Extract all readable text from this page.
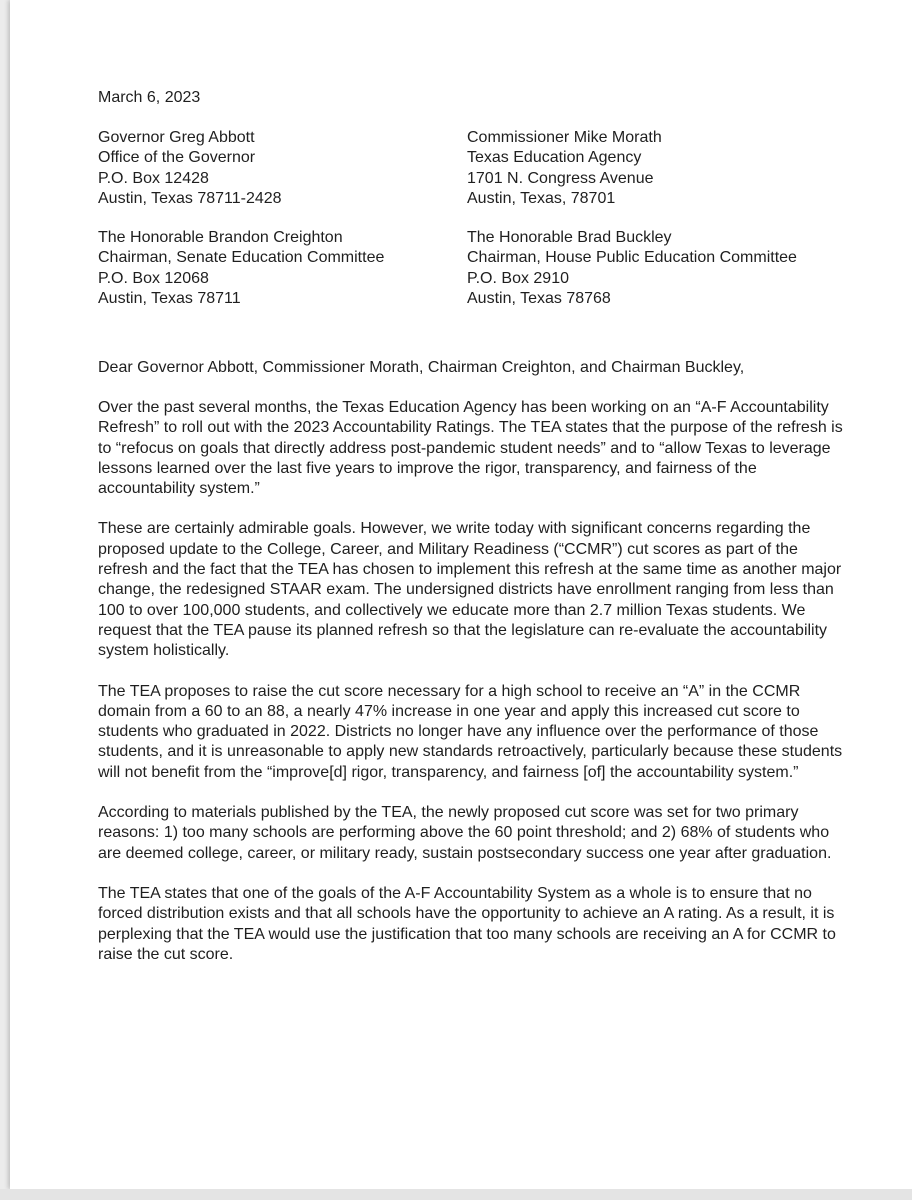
March 6, 2023
Governor Greg Abbott
Office of the Governor
P.O. Box 12428
Austin, Texas 78711-2428
Commissioner Mike Morath
Texas Education Agency
1701 N. Congress Avenue
Austin, Texas, 78701
The Honorable Brandon Creighton
Chairman, Senate Education Committee
P.O. Box 12068
Austin, Texas 78711
The Honorable Brad Buckley
Chairman, House Public Education Committee
P.O. Box 2910
Austin, Texas 78768
Dear Governor Abbott, Commissioner Morath, Chairman Creighton, and Chairman Buckley,

Over the past several months, the Texas Education Agency has been working on an “A-F Accountability Refresh” to roll out with the 2023 Accountability Ratings. The TEA states that the purpose of the refresh is to “refocus on goals that directly address post-pandemic student needs” and to “allow Texas to leverage lessons learned over the last five years to improve the rigor, transparency, and fairness of the accountability system.”

These are certainly admirable goals. However, we write today with significant concerns regarding the proposed update to the College, Career, and Military Readiness (“CCMR”) cut scores as part of the refresh and the fact that the TEA has chosen to implement this refresh at the same time as another major change, the redesigned STAAR exam. The undersigned districts have enrollment ranging from less than 100 to over 100,000 students, and collectively we educate more than 2.7 million Texas students. We request that the TEA pause its planned refresh so that the legislature can re-evaluate the accountability system holistically.

The TEA proposes to raise the cut score necessary for a high school to receive an “A” in the CCMR domain from a 60 to an 88, a nearly 47% increase in one year and apply this increased cut score to students who graduated in 2022. Districts no longer have any influence over the performance of those students, and it is unreasonable to apply new standards retroactively, particularly because these students will not benefit from the “improve[d] rigor, transparency, and fairness [of] the accountability system.”

According to materials published by the TEA, the newly proposed cut score was set for two primary reasons: 1) too many schools are performing above the 60 point threshold; and 2) 68% of students who are deemed college, career, or military ready, sustain postsecondary success one year after graduation.

The TEA states that one of the goals of the A-F Accountability System as a whole is to ensure that no forced distribution exists and that all schools have the opportunity to achieve an A rating. As a result, it is perplexing that the TEA would use the justification that too many schools are receiving an A for CCMR to raise the cut score.
